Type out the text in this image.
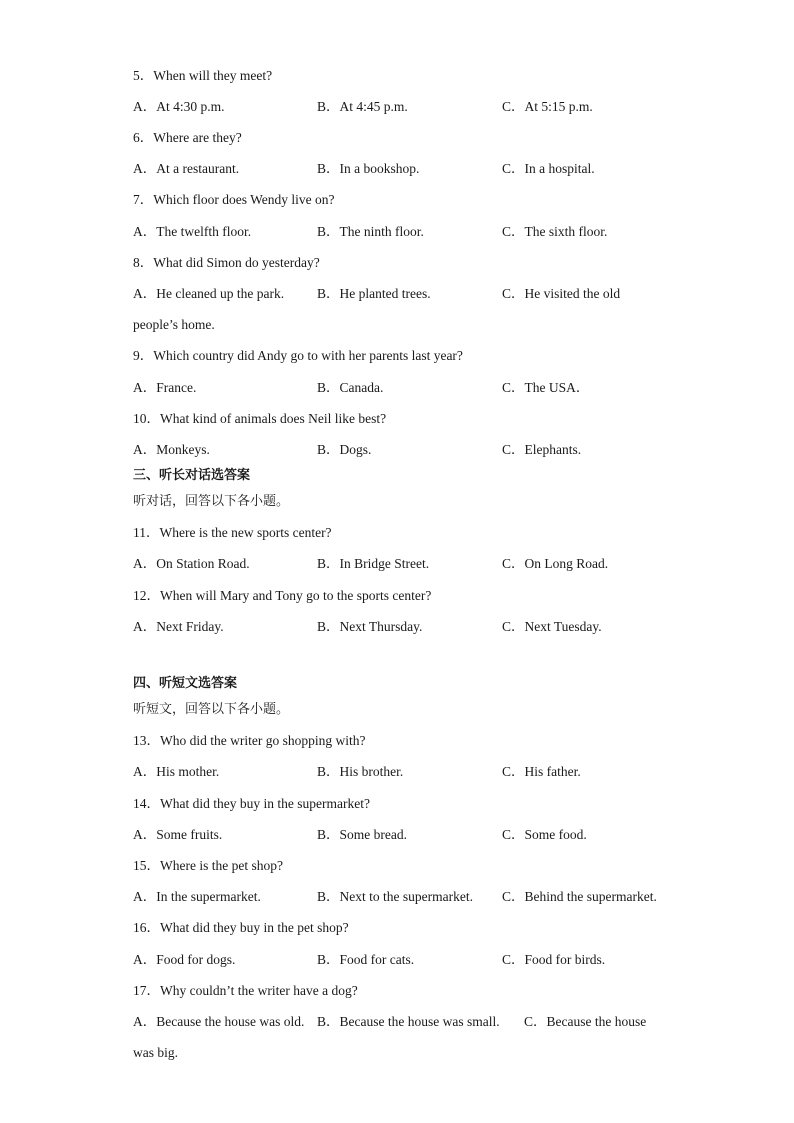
5．When will they meet?
A．At 4:30 p.m.	B．At 4:45 p.m.	C．At 5:15 p.m.
6．Where are they?
A．At a restaurant.	B．In a bookshop.	C．In a hospital.
7．Which floor does Wendy live on?
A．The twelfth floor.	B．The ninth floor.	C．The sixth floor.
8．What did Simon do yesterday?
A．He cleaned up the park. B．He planted trees.	C．He visited the old
people’s home.
9．Which country did Andy go to with her parents last year?
A．France.	B．Canada.	C．The USA．
10．What kind of animals does Neil like best?
A．Monkeys.	B．Dogs.	C．Elephants.
三、听长对话选答案
听对话，回答以下各小题。
11．Where is the new sports center?
A．On Station Road.	B．In Bridge Street.	C．On Long Road.
12．When will Mary and Tony go to the sports center?
A．Next Friday.	B．Next Thursday.	C．Next Tuesday.
四、听短文选答案
听短文，回答以下各小题。
13．Who did the writer go shopping with?
A．His mother.	B．His brother.	C．His father.
14．What did they buy in the supermarket?
A．Some fruits.	B．Some bread.	C．Some food.
15．Where is the pet shop?
A．In the supermarket.	B．Next to the supermarket. C．Behind the supermarket.
16．What did they buy in the pet shop?
A．Food for dogs.	B．Food for cats.	C．Food for birds.
17．Why couldn’t the writer have a dog?
A．Because the house was old. B．Because the house was small. C．Because the house
was big.
